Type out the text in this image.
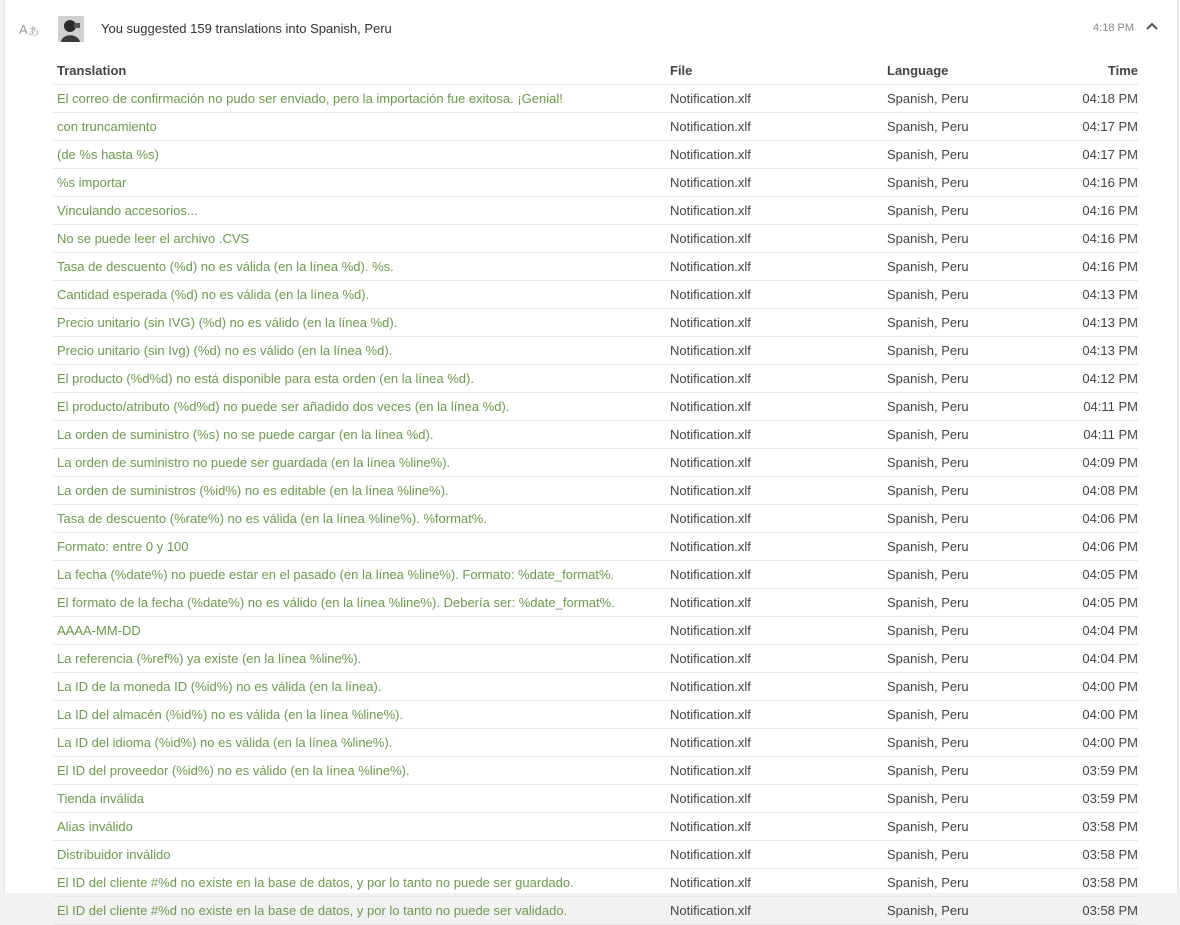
A あ	You suggested 159 translations into Spanish, Peru	4:18 PM
Translation	File	Language	Time
El correo de confirmación no pudo ser enviado, pero la importación fue exitosa. ¡Genial!	Notification.xlf	Spanish, Peru	04:18 PM
con truncamiento	Notification.xlf	Spanish, Peru	04:17 PM
(de %s hasta %s)	Notification.xlf	Spanish, Peru	04:17 PM
%s importar	Notification.xlf	Spanish, Peru	04:16 PM
Vinculando accesorios...	Notification.xlf	Spanish, Peru	04:16 PM
No se puede leer el archivo .CVS	Notification.xlf	Spanish, Peru	04:16 PM
Tasa de descuento (%d) no es válida (en la línea %d). %s.	Notification.xlf	Spanish, Peru	04:16 PM
Cantidad esperada (%d) no es válida (en la línea %d).	Notification.xlf	Spanish, Peru	04:13 PM
Precio unitario (sin IVG) (%d) no es válido (en la línea %d).	Notification.xlf	Spanish, Peru	04:13 PM
Precio unitario (sin Ivg) (%d) no es válido (en la línea %d).	Notification.xlf	Spanish, Peru	04:13 PM
El producto (%d%d) no está disponible para esta orden (en la línea %d).	Notification.xlf	Spanish, Peru	04:12 PM
El producto/atributo (%d%d) no puede ser añadido dos veces (en la línea %d).	Notification.xlf	Spanish, Peru	04:11 PM
La orden de suministro (%s) no se puede cargar (en la línea %d).	Notification.xlf	Spanish, Peru	04:11 PM
La orden de suministro no puede ser guardada (en la línea %line%).	Notification.xlf	Spanish, Peru	04:09 PM
La orden de suministros (%id%) no es editable (en la línea %line%).	Notification.xlf	Spanish, Peru	04:08 PM
Tasa de descuento (%rate%) no es válida (en la línea %line%). %format%.	Notification.xlf	Spanish, Peru	04:06 PM
Formato: entre 0 y 100	Notification.xlf	Spanish, Peru	04:06 PM
La fecha (%date%) no puede estar en el pasado (en la línea %line%). Formato: %date_format%.	Notification.xlf	Spanish, Peru	04:05 PM
El formato de la fecha (%date%) no es válido (en la línea %line%). Debería ser: %date_format%.	Notification.xlf	Spanish, Peru	04:05 PM
AAAA-MM-DD	Notification.xlf	Spanish, Peru	04:04 PM
La referencia (%ref%) ya existe (en la línea %line%).	Notification.xlf	Spanish, Peru	04:04 PM
La ID de la moneda ID (%id%) no es válida (en la línea).	Notification.xlf	Spanish, Peru	04:00 PM
La ID del almacén (%id%) no es válida (en la línea %line%).	Notification.xlf	Spanish, Peru	04:00 PM
La ID del idioma (%id%) no es válida (en la línea %line%).	Notification.xlf	Spanish, Peru	04:00 PM
El ID del proveedor (%id%) no es válido (en la línea %line%).	Notification.xlf	Spanish, Peru	03:59 PM
Tienda inválida	Notification.xlf	Spanish, Peru	03:59 PM
Alias inválido	Notification.xlf	Spanish, Peru	03:58 PM
Distribuidor inválido	Notification.xlf	Spanish, Peru	03:58 PM
El ID del cliente #%d no existe en la base de datos, y por lo tanto no puede ser guardado.	Notification.xlf	Spanish, Peru	03:58 PM
El ID del cliente #%d no existe en la base de datos, y por lo tanto no puede ser validado.	Notification.xlf	Spanish, Peru	03:58 PM
